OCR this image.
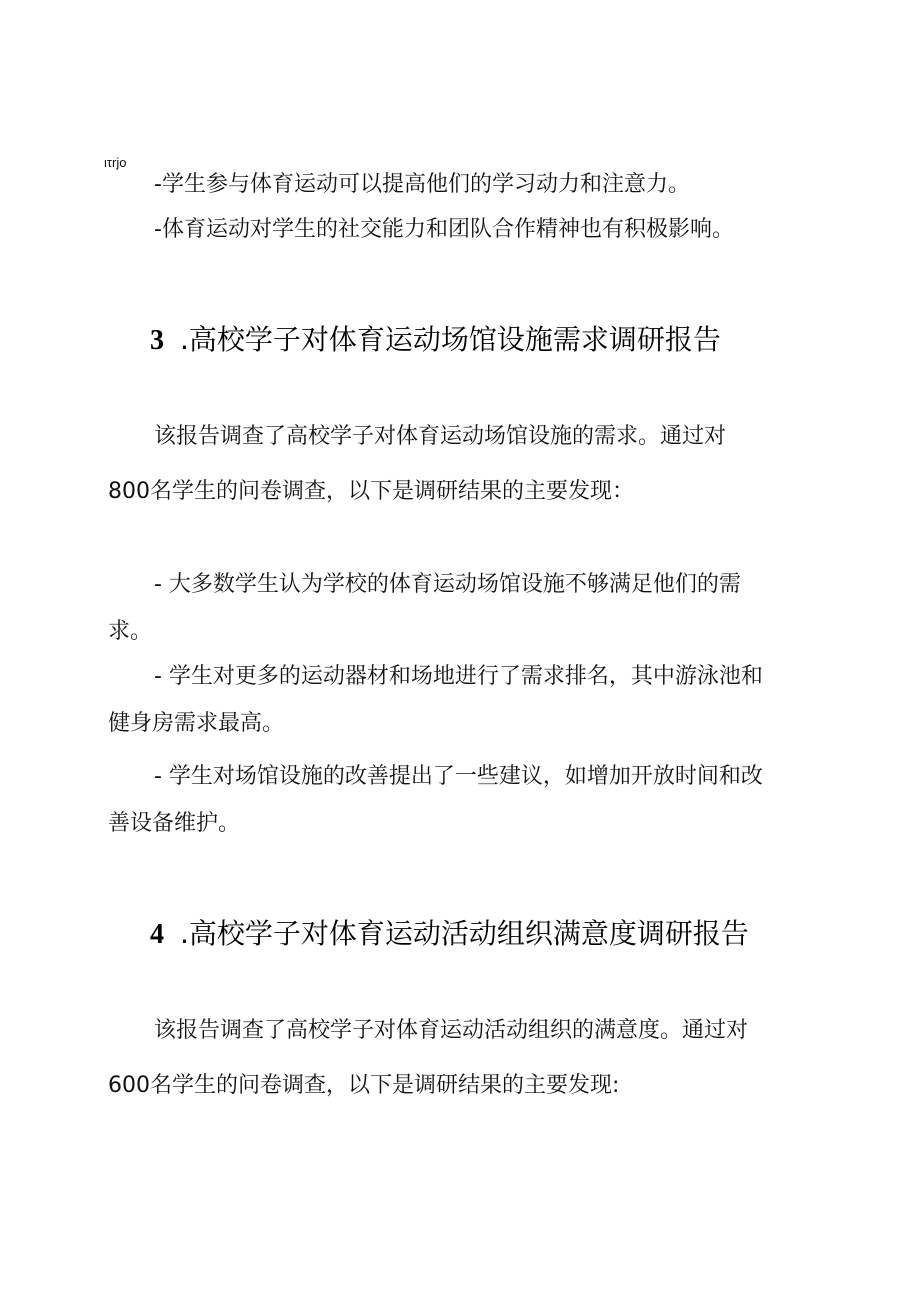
ιτrjo
-学生参与体育运动可以提高他们的学习动力和注意力。
-体育运动对学生的社交能力和团队合作精神也有积极影响。
3 .高校学子对体育运动场馆设施需求调研报告
该报告调查了高校学子对体育运动场馆设施的需求。通过对
800名学生的问卷调查，以下是调研结果的主要发现：
- 大多数学生认为学校的体育运动场馆设施不够满足他们的需
求。
- 学生对更多的运动器材和场地进行了需求排名，其中游泳池和
健身房需求最高。
- 学生对场馆设施的改善提出了一些建议，如增加开放时间和改
善设备维护。
4 .高校学子对体育运动活动组织满意度调研报告
该报告调查了高校学子对体育运动活动组织的满意度。通过对
600名学生的问卷调查，以下是调研结果的主要发现:
